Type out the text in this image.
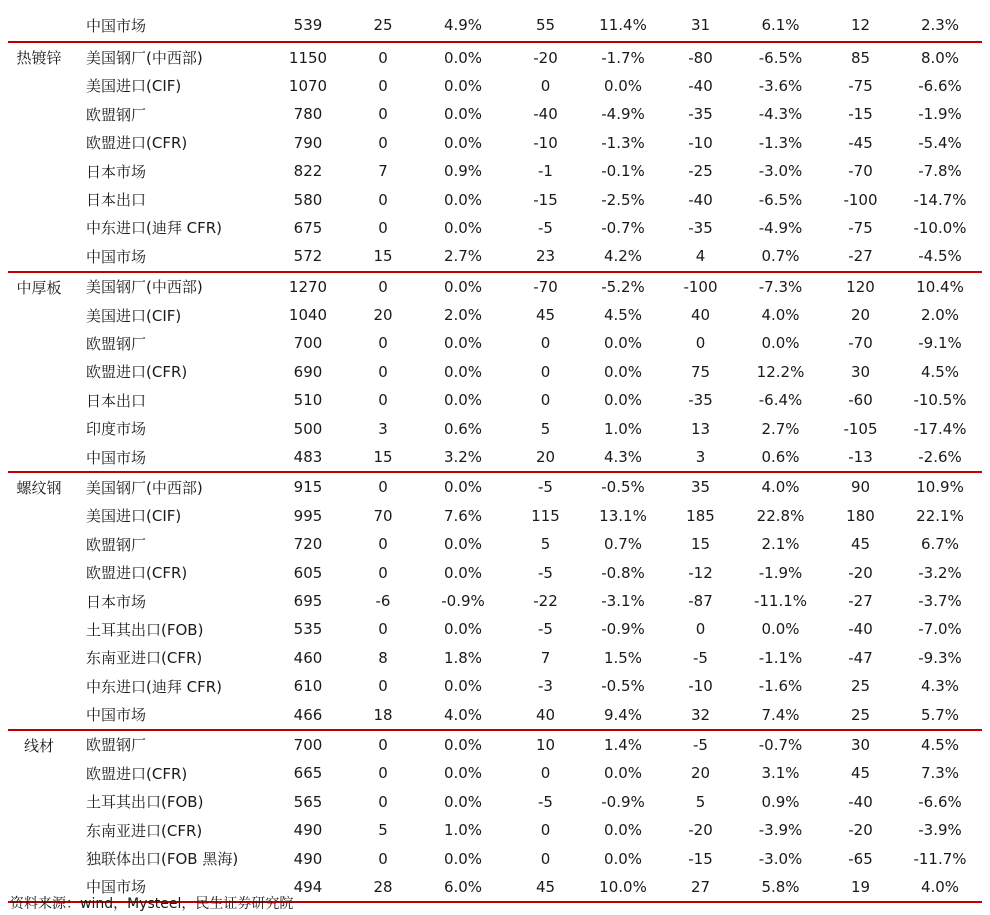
	中国市场	539	25	4.9%	55	11.4%	31	6.1%	12	2.3%
热镀锌	美国钢厂(中西部)	1150	0	0.0%	-20	-1.7%	-80	-6.5%	85	8.0%
	美国进口(CIF)	1070	0	0.0%	0	0.0%	-40	-3.6%	-75	-6.6%
	欧盟钢厂	780	0	0.0%	-40	-4.9%	-35	-4.3%	-15	-1.9%
	欧盟进口(CFR)	790	0	0.0%	-10	-1.3%	-10	-1.3%	-45	-5.4%
	日本市场	822	7	0.9%	-1	-0.1%	-25	-3.0%	-70	-7.8%
	日本出口	580	0	0.0%	-15	-2.5%	-40	-6.5%	-100	-14.7%
	中东进口(迪拜 CFR)	675	0	0.0%	-5	-0.7%	-35	-4.9%	-75	-10.0%
	中国市场	572	15	2.7%	23	4.2%	4	0.7%	-27	-4.5%
中厚板	美国钢厂(中西部)	1270	0	0.0%	-70	-5.2%	-100	-7.3%	120	10.4%
	美国进口(CIF)	1040	20	2.0%	45	4.5%	40	4.0%	20	2.0%
	欧盟钢厂	700	0	0.0%	0	0.0%	0	0.0%	-70	-9.1%
	欧盟进口(CFR)	690	0	0.0%	0	0.0%	75	12.2%	30	4.5%
	日本出口	510	0	0.0%	0	0.0%	-35	-6.4%	-60	-10.5%
	印度市场	500	3	0.6%	5	1.0%	13	2.7%	-105	-17.4%
	中国市场	483	15	3.2%	20	4.3%	3	0.6%	-13	-2.6%
螺纹钢	美国钢厂(中西部)	915	0	0.0%	-5	-0.5%	35	4.0%	90	10.9%
	美国进口(CIF)	995	70	7.6%	115	13.1%	185	22.8%	180	22.1%
	欧盟钢厂	720	0	0.0%	5	0.7%	15	2.1%	45	6.7%
	欧盟进口(CFR)	605	0	0.0%	-5	-0.8%	-12	-1.9%	-20	-3.2%
	日本市场	695	-6	-0.9%	-22	-3.1%	-87	-11.1%	-27	-3.7%
	土耳其出口(FOB)	535	0	0.0%	-5	-0.9%	0	0.0%	-40	-7.0%
	东南亚进口(CFR)	460	8	1.8%	7	1.5%	-5	-1.1%	-47	-9.3%
	中东进口(迪拜 CFR)	610	0	0.0%	-3	-0.5%	-10	-1.6%	25	4.3%
	中国市场	466	18	4.0%	40	9.4%	32	7.4%	25	5.7%
线材	欧盟钢厂	700	0	0.0%	10	1.4%	-5	-0.7%	30	4.5%
	欧盟进口(CFR)	665	0	0.0%	0	0.0%	20	3.1%	45	7.3%
	土耳其出口(FOB)	565	0	0.0%	-5	-0.9%	5	0.9%	-40	-6.6%
	东南亚进口(CFR)	490	5	1.0%	0	0.0%	-20	-3.9%	-20	-3.9%
	独联体出口(FOB 黑海)	490	0	0.0%	0	0.0%	-15	-3.0%	-65	-11.7%
	中国市场	494	28	6.0%	45	10.0%	27	5.8%	19	4.0%
资料来源：wind，Mysteel，民生证券研究院
